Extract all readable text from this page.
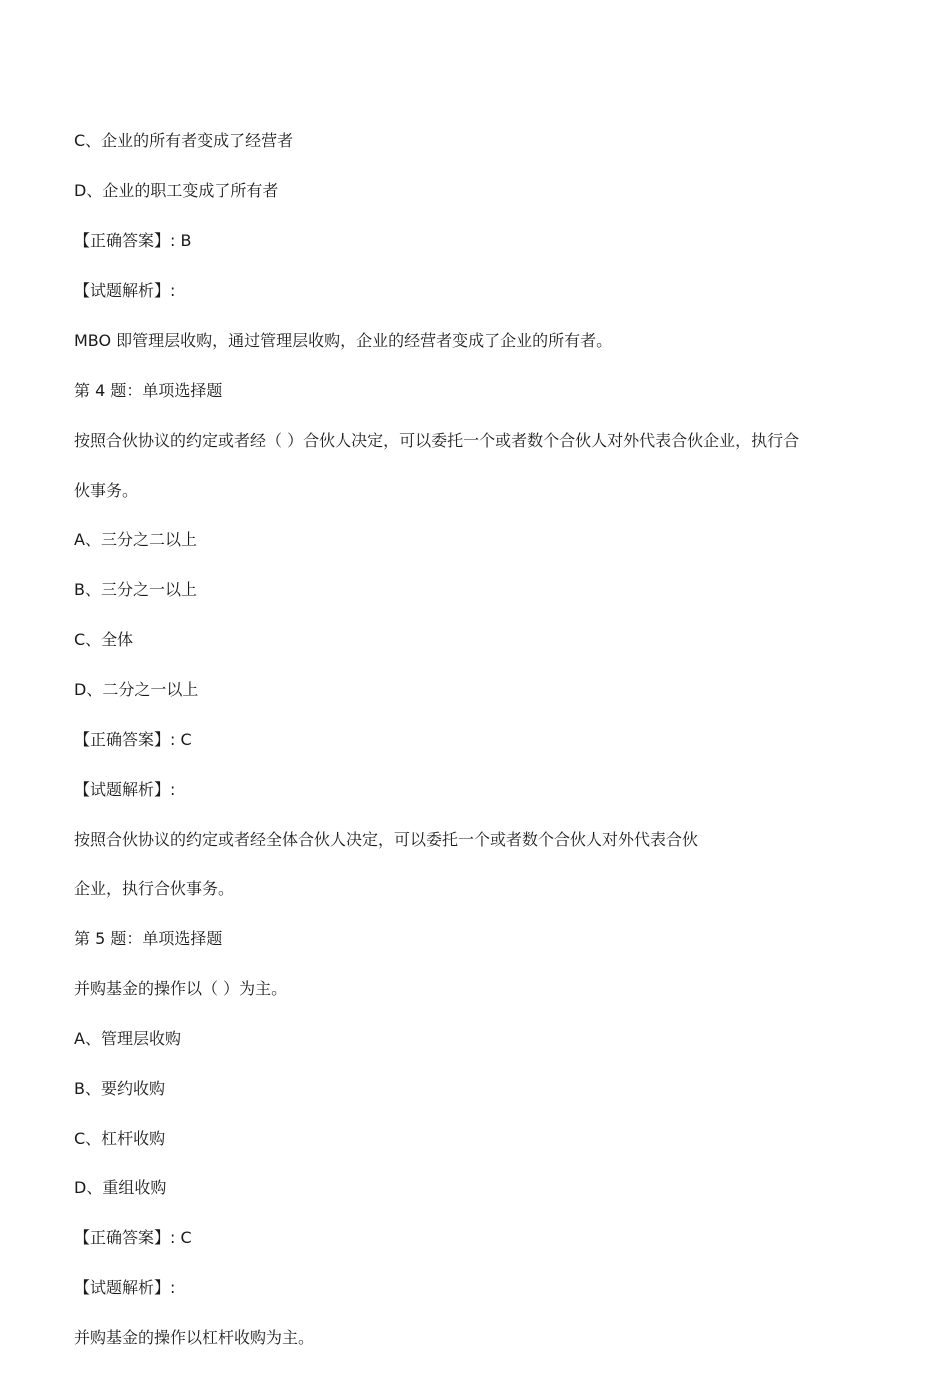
C、企业的所有者变成了经营者
D、企业的职工变成了所有者
【正确答案】: B
【试题解析】:
MBO 即管理层收购，通过管理层收购，企业的经营者变成了企业的所有者。
第 4 题：单项选择题
按照合伙协议的约定或者经（ ）合伙人决定，可以委托一个或者数个合伙人对外代表合伙企业，执行合
伙事务。
A、三分之二以上
B、三分之一以上
C、全体
D、二分之一以上
【正确答案】: C
【试题解析】:
按照合伙协议的约定或者经全体合伙人决定，可以委托一个或者数个合伙人对外代表合伙
企业，执行合伙事务。
第 5 题：单项选择题
并购基金的操作以（ ）为主。
A、管理层收购
B、要约收购
C、杠杆收购
D、重组收购
【正确答案】: C
【试题解析】:
并购基金的操作以杠杆收购为主。
